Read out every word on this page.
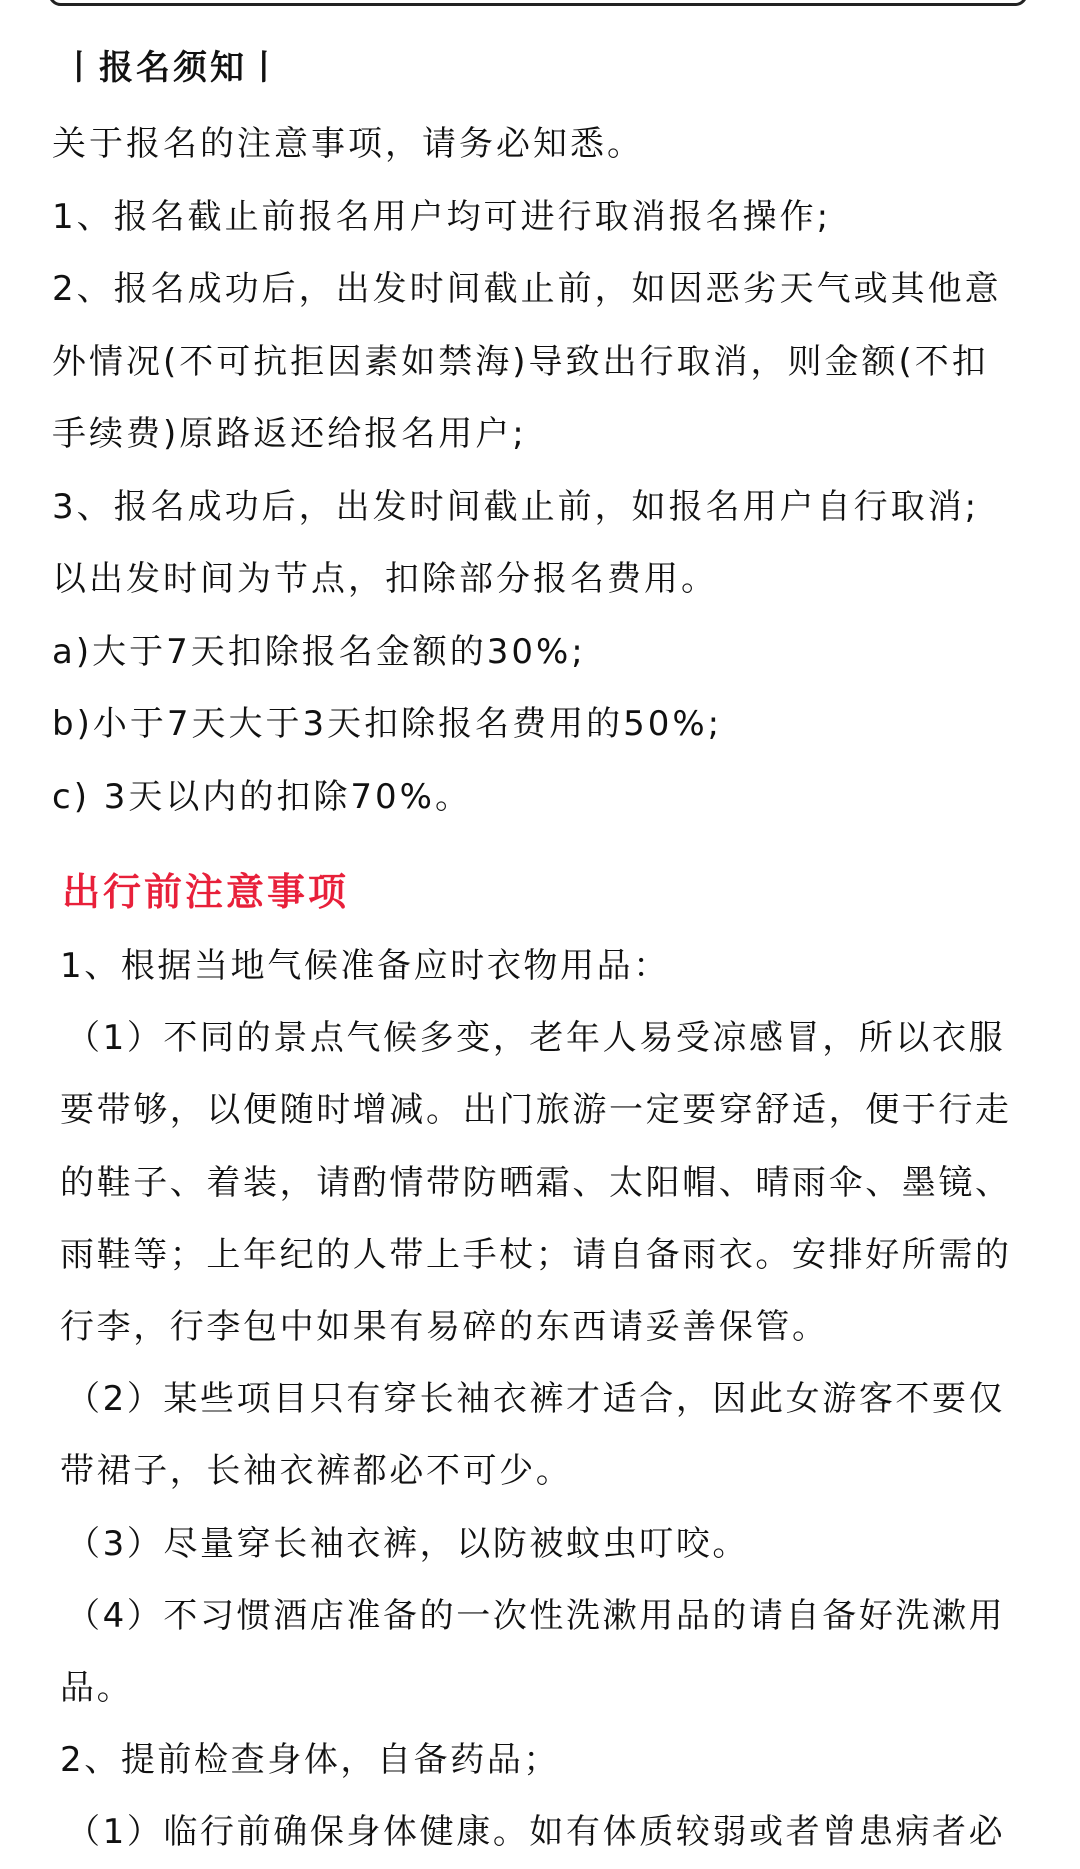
丨报名须知丨

关于报名的注意事项，请务必知悉。

1、报名截止前报名用户均可进行取消报名操作;

2、报名成功后，出发时间截止前，如因恶劣天气或其他意

外情况(不可抗拒因素如禁海)导致出行取消，则金额(不扣

手续费)原路返还给报名用户;

3、报名成功后，出发时间截止前，如报名用户自行取消;

以出发时间为节点，扣除部分报名费用。

a)大于7天扣除报名金额的30%;

b)小于7天大于3天扣除报名费用的50%;

c) 3天以内的扣除70%。

出行前注意事项

1、根据当地气候准备应时衣物用品：

（1）不同的景点气候多变，老年人易受凉感冒，所以衣服

要带够，以便随时增减。出门旅游一定要穿舒适，便于行走

的鞋子、着装，请酌情带防晒霜、太阳帽、晴雨伞、墨镜、

雨鞋等；上年纪的人带上手杖；请自备雨衣。安排好所需的

行李，行李包中如果有易碎的东西请妥善保管。

（2）某些项目只有穿长袖衣裤才适合，因此女游客不要仅

带裙子，长袖衣裤都必不可少。

（3）尽量穿长袖衣裤，以防被蚊虫叮咬。

（4）不习惯酒店准备的一次性洗漱用品的请自备好洗漱用

品。

2、提前检查身体，自备药品；

（1）临行前确保身体健康。如有体质较弱或者曾患病者必
